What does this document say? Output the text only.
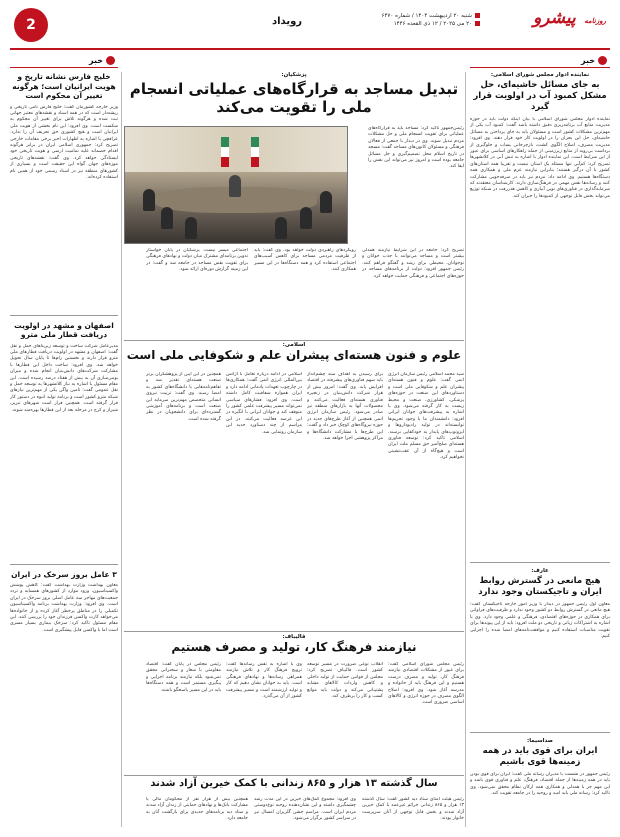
روزنامه پیشرو
شنبه ۲۰ اردیبهشت ۱۴۰۴ / شماره ۶۴۷۰
۲۰ می ۲۰۲۵ / ۱۲ ذی القعده ۱۴۴۶
رویداد
2
خبر
خبر
نماینده ادوار مجلس شورای اسلامی:
به جای مسائل حاشیه‌ای، حل مشکل کمبود آب در اولویت قرار گیرد
نماینده ادوار مجلس شورای اسلامی با بیان اینکه دولت باید در حوزه مدیریت منابع آب برنامه‌ریزی دقیق داشته باشد گفت: کمبود آب یکی از مهم‌ترین مشکلات کشور است و مسئولان باید به جای پرداختن به مسائل حاشیه‌ای، حل این بحران را در اولویت کار خود قرار دهند. وی افزود: مدیریت مصرف، اصلاح الگوی کشت، بازچرخانی پساب و جلوگیری از برداشت بی‌رویه از منابع زیرزمینی از جمله راهکارهای اساسی برای عبور از این شرایط است. این نماینده ادوار با اشاره به تنش آبی در کلانشهرها تصریح کرد: کم‌آبی تنها مسئله یک استان نیست و تقریبا همه استان‌های کشور با آن درگیر هستند؛ بنابراین نیازمند عزم ملی و همکاری همه دستگاه‌ها هستیم. وی ادامه داد: مردم نیز باید در صرفه‌جویی مشارکت کنند و رسانه‌ها نقش مهمی در فرهنگ‌سازی دارند. کارشناسان معتقدند که سرمایه‌گذاری در فناوری‌های نوین آبیاری و کاهش هدررفت در شبکه توزیع می‌تواند بخش قابل توجهی از کمبودها را جبران کند.
عارف:
هیچ مانعی در گسترش روابط ایران و تاجیکستان وجود ندارد
معاون اول رئیس جمهور در دیدار با وزیر امور خارجه تاجیکستان گفت: هیچ مانعی در گسترش روابط دو کشور وجود ندارد و ظرفیت‌های فراوانی برای همکاری در حوزه‌های اقتصادی، فرهنگی و علمی وجود دارد. وی با اشاره به اشتراکات زبانی و تاریخی دو ملت افزود: باید از این پیوندها برای تقویت مناسبات استفاده کنیم و موافقت‌نامه‌های امضا شده را اجرایی کنیم.
صداسیما:
ایران برای قوی باید در همه زمینه‌ها قوی باشیم
رئیس جمهور در نشست با مدیران رسانه ملی گفت: ایران برای قوی بودن باید در همه زمینه‌ها از جمله اقتصاد، فرهنگ، علم و فناوری قوی باشد و این مهم جز با همدلی و همکاری همه ارکان نظام محقق نمی‌شود. وی تاکید کرد: رسانه ملی باید امید و روحیه را در جامعه تقویت کند.
خلیج فارس نشانه تاریخ و هویت ایرانیان است؛ هرگونه تغییر آن محکوم است
وزیر خارجه کشورمان گفت: خلیج فارس نامی تاریخی و ریشه‌دار است که در همه اسناد و نقشه‌های معتبر جهانی ثبت شده و هرگونه تلاش برای تغییر آن محکوم به شکست است. وی افزود: این نام بخشی از هویت ملی ایرانیان است و هیچ کشوری حق تحریف آن را ندارد. عراقچی با اشاره به اظهارات اخیر برخی مقامات خارجی تصریح کرد: جمهوری اسلامی ایران در برابر هرگونه اقدام خصمانه علیه تمامیت ارضی و هویت تاریخی خود ایستادگی خواهد کرد. وی گفت: نقشه‌های تاریخی موزه‌های جهان گواه این حقیقت است و بسیاری از کشورهای منطقه نیز در اسناد رسمی خود از همین نام استفاده کرده‌اند.
اصفهان و مشهد در اولویت دریافت قطار ملی مترو
مدیرعامل شرکت ساخت و توسعه زیربناهای حمل و نقل گفت: اصفهان و مشهد در اولویت دریافت قطارهای ملی مترو قرار دارند و نخستین رام‌ها تا پایان سال تحویل خواهد شد. وی افزود: ساخت داخل این قطارها با مشارکت شرکت‌های دانش‌بنیان انجام شده و میزان بومی‌سازی آن به بیش از هفتاد درصد رسیده است. این مقام مسئول با اشاره به نیاز کلانشهرها به توسعه حمل و نقل عمومی گفت: تامین واگن یکی از مهم‌ترین نیازهای شبکه مترو کشور است و برنامه تولید انبوه در دستور کار قرار گرفته است. همچنین قرار است شهرهای تبریز، شیراز و کرج در مرحله بعد از این قطارها بهره‌مند شوند.
۳ عامل بروز سرخک در ایران
معاون بهداشت وزارت بهداشت گفت: کاهش پوشش واکسیناسیون، ورود موارد از کشورهای همسایه و تردد جمعیت‌های مهاجر سه عامل اصلی بروز سرخک در ایران است. وی افزود: وزارت بهداشت برنامه واکسیناسیون تکمیلی را در مناطق پرخطر آغاز کرده و از خانواده‌ها می‌خواهد کارت واکسن فرزندان خود را بررسی کنند. این مقام مسئول تاکید کرد: سرخک بیماری بسیار مسری است اما با واکسن قابل پیشگیری است.
پزشکیان:
تبدیل مساجد به قرارگاه‌های عملیاتی انسجام ملی را تقویت می‌کند
رئیس‌جمهور تاکید کرد: مساجد باید به قرارگاه‌های عملیاتی برای تقویت انسجام ملی و حل مشکلات مردم تبدیل شوند. وی در دیدار با جمعی از فعالان فرهنگی و مسئولان کانون‌های مساجد گفت: مسجد در تاریخ اسلام محل تصمیم‌گیری و حل مسائل جامعه بوده است و امروز نیز می‌تواند این نقش را ایفا کند.
تصریح کرد: جامعه در این شرایط نیازمند همدلی بیشتر است و مساجد می‌توانند با جذب جوانان و نوجوانان، محیطی برای رشد و گفتگو فراهم کنند. رئیس جمهور افزود: دولت از برنامه‌های مساجد در حوزه‌های اجتماعی و فرهنگی حمایت خواهد کرد.
رویکردهای راهبردی دولت خواهد بود. وی گفت: باید از ظرفیت مردمی مساجد برای کاهش آسیب‌های اجتماعی استفاده کرد و همه دستگاه‌ها در این مسیر همکاری کنند.
اجتماعی میسر نیست. پزشکیان در پایان خواستار تدوین برنامه‌ای مشترک میان دولت و نهادهای فرهنگی برای تقویت نقش مساجد در جامعه شد و گفت: در این زمینه گزارش دوره‌ای ارائه شود.
اسلامی:
علوم و فنون هسته‌ای پیشران علم و شکوفایی ملی است
سید محمد اسلامی رئیس سازمان انرژی اتمی گفت: علوم و فنون هسته‌ای پیشران علم و شکوفایی ملی است و دستاوردهای این صنعت در حوزه‌های پزشکی، کشاورزی، صنعت و محیط زیست به کار گرفته می‌شود. وی با اشاره به پیشرفت‌های جوانان ایرانی افزود: دانشمندان ما با وجود تحریم‌ها توانسته‌اند در تولید رادیوداروها و ایزوتوپ‌های پایدار به خودکفایی برسند. اسلامی تاکید کرد: توسعه فناوری هسته‌ای صلح‌آمیز حق مسلم ملت ایران است و هیچ‌گاه از آن عقب‌نشینی نخواهیم کرد.
برای رسیدن به اهداف سند چشم‌انداز باید سهم فناوری‌های پیشرفته در اقتصاد افزایش یابد. وی گفت: امروز بیش از هزار شرکت دانش‌بنیان در زنجیره فناوری هسته‌ای فعالیت می‌کنند و محصولات آنها به بازارهای منطقه نیز صادر می‌شود. رئیس سازمان انرژی اتمی همچنین از آغاز طرح‌های جدید در حوزه نیروگاه‌های کوچک خبر داد و گفت: این طرح‌ها با مشارکت دانشگاه‌ها و مراکز پژوهشی اجرا خواهد شد.
اسلامی در ادامه درباره تعامل با آژانس بین‌المللی انرژی اتمی گفت: همکاری‌ها در چارچوب تعهدات پادمانی ادامه دارد و ایران همواره شفافیت کامل داشته است. وی افزود: فشارهای سیاسی نمی‌تواند مسیر پیشرفت علمی کشور را متوقف کند و جوانان ایرانی با انگیزه در این عرصه فعالیت می‌کنند. در این مراسم از چند دستاورد جدید این سازمان رونمایی شد.
همچنین در این آیین از پژوهشگران برتر صنعت هسته‌ای تقدیر شد و تفاهم‌نامه‌هایی با دانشگاه‌های کشور به امضا رسید. وی گفت: تربیت نیروی انسانی متخصص مهم‌ترین سرمایه این صنعت است و برنامه‌های آموزشی گسترده‌ای برای دانشجویان در نظر گرفته شده است.
قالیباف:
نیازمند فرهنگ کار، تولید و مصرف هستیم
رئیس مجلس شورای اسلامی گفت: برای عبور از مشکلات اقتصادی نیازمند فرهنگ کار، تولید و مصرف درست هستیم و این فرهنگ باید از خانواده و مدرسه آغاز شود. وی افزود: اصلاح الگوی مصرف در حوزه انرژی و کالاهای اساسی ضروری است.
انقلاب نوعی ضرورت در مسیر توسعه کشور است. قالیباف تصریح کرد: مجلس از قوانین حمایت از تولید داخلی و کاهش واردات کالاهای مشابه پشتیبانی می‌کند و دولت باید موانع کسب و کار را برطرف کند.
وی با اشاره به نقش رسانه‌ها گفت: ترویج فرهنگ کار و تلاش نیازمند همراهی رسانه‌ها و نهادهای فرهنگی است. باید به جوانان نشان دهیم که کار و تولید ارزشمند است و مسیر پیشرفت کشور از آن می‌گذرد.
رئیس مجلس در پایان گفت: اقتصاد مقاومتی با شعار و سخنرانی محقق نمی‌شود بلکه نیازمند برنامه اجرایی و پیگیری مستمر است و همه دستگاه‌ها باید در این مسیر پاسخگو باشند.
سال گذشته ۱۳ هزار و ۸۶۵ زندانی با کمک خیرین آزاد شدند
رئیس هیئت امنای ستاد دیه کشور گفت: سال گذشته ۱۳ هزار و ۸۶۵ زندانی جرائم غیرعمد با کمک خیرین آزاد شدند و بخش قابل توجهی از آنان سرپرست خانوار بودند.
وی افزود: مجموع کمک‌های خیرین در این مدت رشد چشمگیری داشته و این نشان‌دهنده روحیه نوع‌دوستی مردم ایران است. مراسم جشن گلریزان امسال نیز در سراسر کشور برگزار می‌شود.
همچنین بیش از هزار نفر از محکومان مالی با مشارکت بانک‌ها و نهادهای حمایتی از زندان آزاد شدند و ستاد دیه برنامه‌های جدیدی برای بازگشت آنان به جامعه دارد.
